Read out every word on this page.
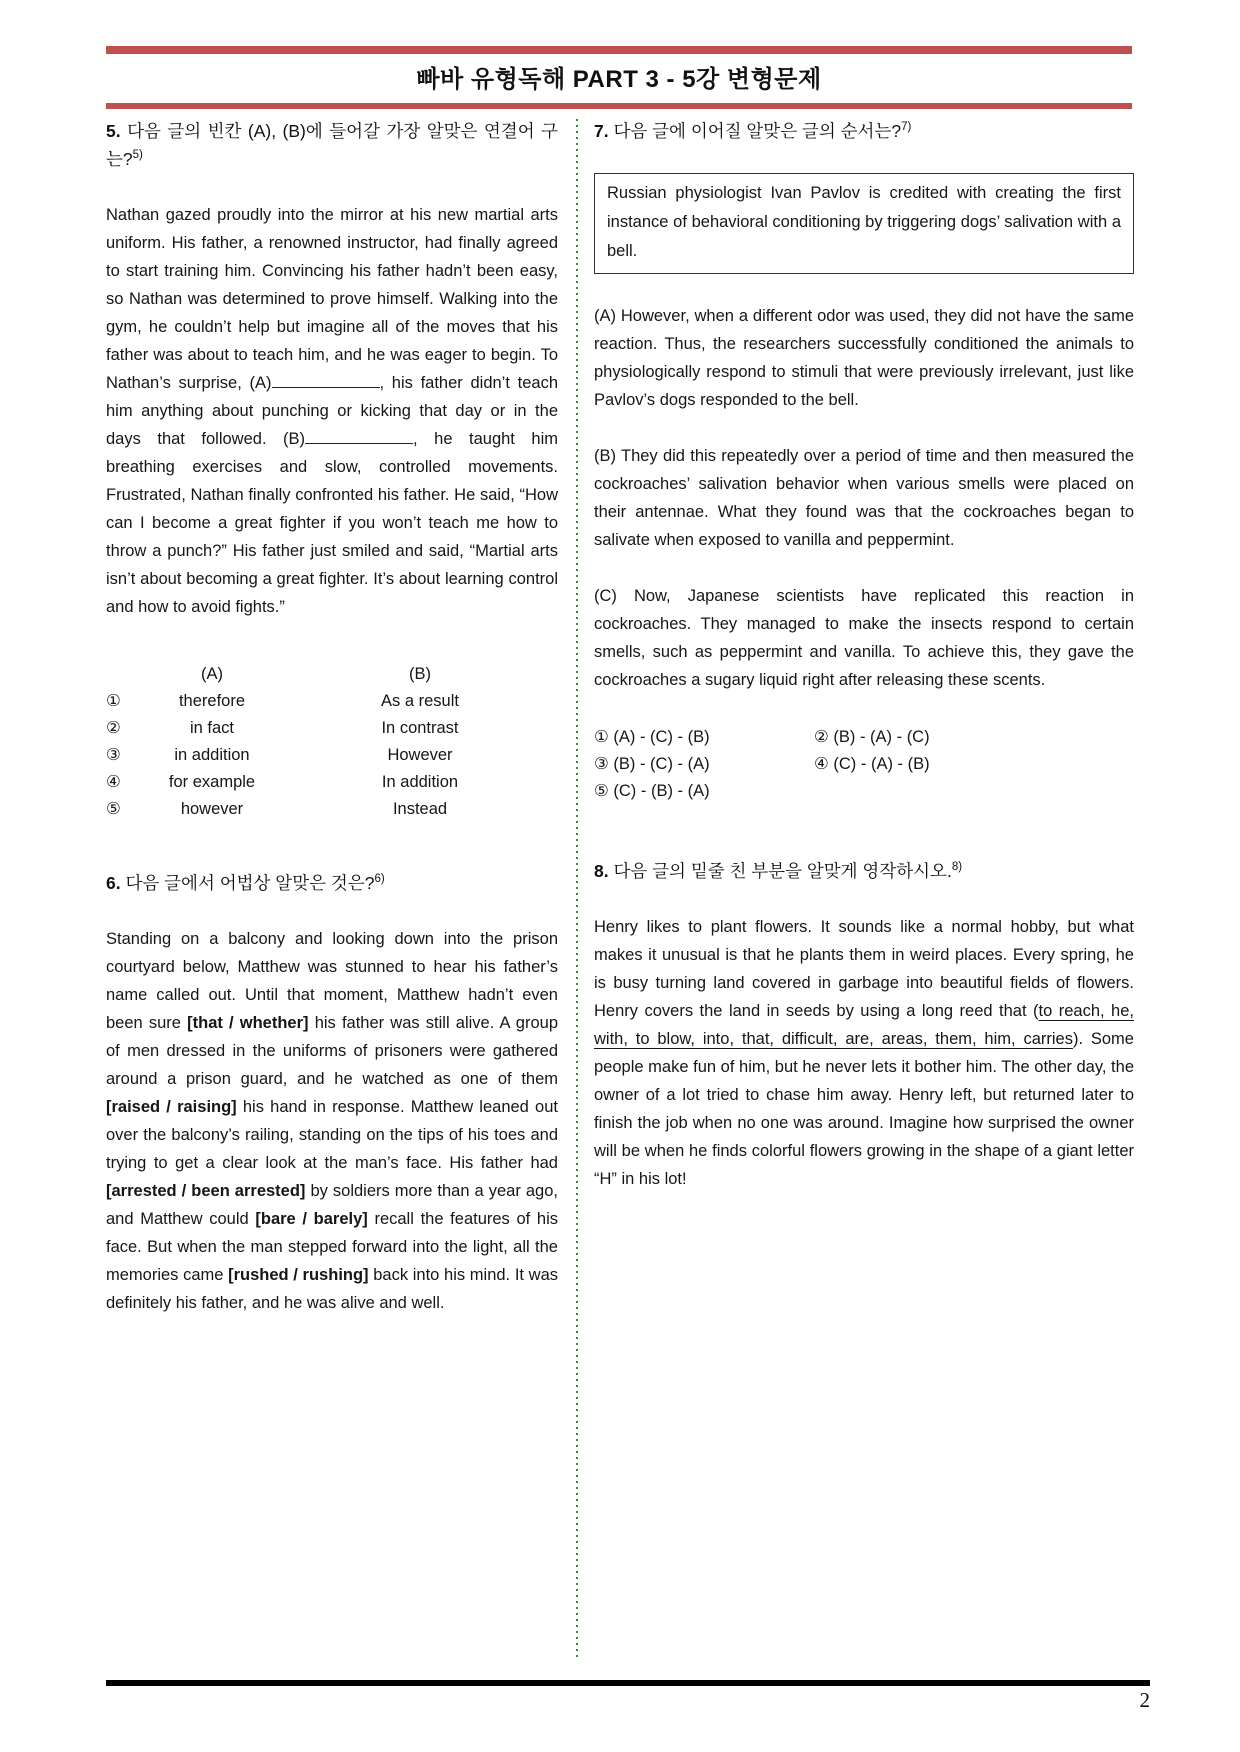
빠바 유형독해 PART 3 - 5강 변형문제
5. 다음 글의 빈칸 (A), (B)에 들어갈 가장 알맞은 연결어 구는?$^{5)}$
Nathan gazed proudly into the mirror at his new martial arts uniform. His father, a renowned instructor, had finally agreed to start training him. Convincing his father hadn’t been easy, so Nathan was determined to prove himself. Walking into the gym, he couldn’t help but imagine all of the moves that his father was about to teach him, and he was eager to begin. To Nathan’s surprise, (A)	, his father didn’t teach him anything about punching or kicking that day or in the days that followed. (B)	, he taught him breathing exercises and slow, controlled movements. Frustrated, Nathan finally confronted his father. He said, “How can I become a great fighter if you won’t teach me how to throw a punch?” His father just smiled and said, “Martial arts isn’t about becoming a great fighter. It’s about learning control and how to avoid fights.”
(A)	(B)
①	therefore	As a result
②	in fact	In contrast
③	in addition	However
④	for example	In addition
⑤	however	Instead
6. 다음 글에서 어법상 알맞은 것은?$^{6)}$
Standing on a balcony and looking down into the prison courtyard below, Matthew was stunned to hear his father’s name called out. Until that moment, Matthew hadn’t even been sure [that / whether] his father was still alive. A group of men dressed in the uniforms of prisoners were gathered around a prison guard, and he watched as one of them [raised / raising] his hand in response. Matthew leaned out over the balcony’s railing, standing on the tips of his toes and trying to get a clear look at the man’s face. His father had [arrested / been arrested] by soldiers more than a year ago, and Matthew could [bare / barely] recall the features of his face. But when the man stepped forward into the light, all the memories came [rushed / rushing] back into his mind. It was definitely his father, and he was alive and well.
7. 다음 글에 이어질 알맞은 글의 순서는?$^{7)}$
Russian physiologist Ivan Pavlov is credited with creating the first instance of behavioral conditioning by triggering dogs’ salivation with a bell.
(A) However, when a different odor was used, they did not have the same reaction. Thus, the researchers successfully conditioned the animals to physiologically respond to stimuli that were previously irrelevant, just like Pavlov’s dogs responded to the bell.
(B) They did this repeatedly over a period of time and then measured the cockroaches’ salivation behavior when various smells were placed on their antennae. What they found was that the cockroaches began to salivate when exposed to vanilla and peppermint.
(C) Now, Japanese scientists have replicated this reaction in cockroaches. They managed to make the insects respond to certain smells, such as peppermint and vanilla. To achieve this, they gave the cockroaches a sugary liquid right after releasing these scents.
① (A) - (C) - (B)	② (B) - (A) - (C)
③ (B) - (C) - (A)	④ (C) - (A) - (B)
⑤ (C) - (B) - (A)
8. 다음 글의 밑줄 친 부분을 알맞게 영작하시오.$^{8)}$
Henry likes to plant flowers. It sounds like a normal hobby, but what makes it unusual is that he plants them in weird places. Every spring, he is busy turning land covered in garbage into beautiful fields of flowers. Henry covers the land in seeds by using a long reed that (to reach, he, with, to blow, into, that, difficult, are, areas, them, him, carries). Some people make fun of him, but he never lets it bother him. The other day, the owner of a lot tried to chase him away. Henry left, but returned later to finish the job when no one was around. Imagine how surprised the owner will be when he finds colorful flowers growing in the shape of a giant letter “H” in his lot!
2
